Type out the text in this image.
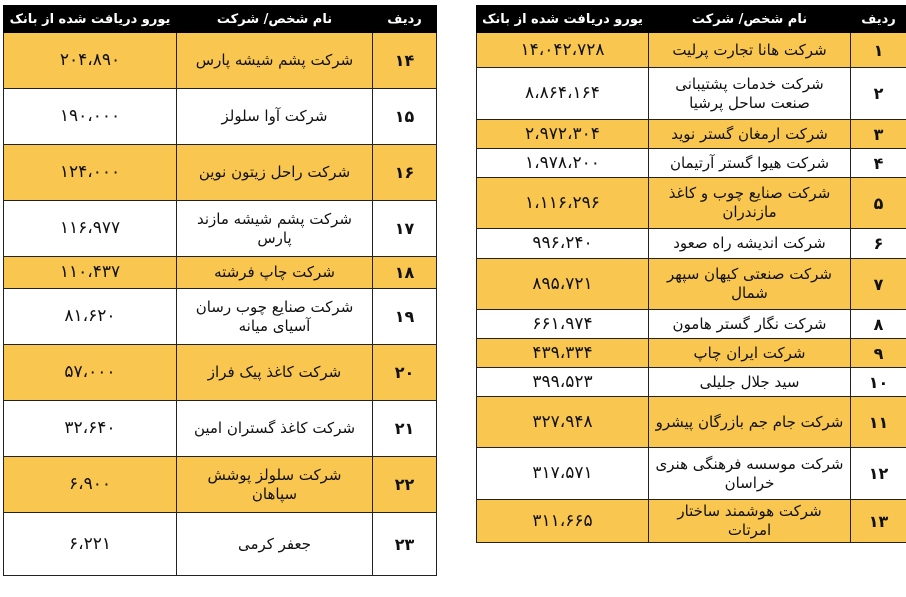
ردیف	نام شخص/ شرکت	یورو دریافت شده از بانک
۱	شرکت هانا تجارت پرلیت	۱۴،۰۴۲،۷۲۸
۲	شرکت خدمات پشتیبانی صنعت ساحل پرشیا	۸،۸۶۴،۱۶۴
۳	شرکت ارمغان گستر نوید	۲،۹۷۲،۳۰۴
۴	شرکت هیوا گستر آرتیمان	۱،۹۷۸،۲۰۰
۵	شرکت صنایع چوب و کاغذ مازندران	۱،۱۱۶،۲۹۶
۶	شرکت اندیشه راه صعود	۹۹۶،۲۴۰
۷	شرکت صنعتی کیهان سپهر شمال	۸۹۵،۷۲۱
۸	شرکت نگار گستر هامون	۶۶۱،۹۷۴
۹	شرکت ایران چاپ	۴۳۹،۳۳۴
۱۰	سید جلال جلیلی	۳۹۹،۵۲۳
۱۱	شرکت جام جم بازرگان پیشرو	۳۲۷،۹۴۸
۱۲	شرکت موسسه فرهنگی هنری خراسان	۳۱۷،۵۷۱
۱۳	شرکت هوشمند ساختار امرتات	۳۱۱،۶۶۵
ردیف	نام شخص/ شرکت	یورو دریافت شده از بانک
۱۴	شرکت پشم شیشه پارس	۲۰۴،۸۹۰
۱۵	شرکت آوا سلولز	۱۹۰،۰۰۰
۱۶	شرکت راحل زیتون نوین	۱۲۴،۰۰۰
۱۷	شرکت پشم شیشه مازند پارس	۱۱۶،۹۷۷
۱۸	شرکت چاپ فرشته	۱۱۰،۴۳۷
۱۹	شرکت صنایع چوب رسان آسیای میانه	۸۱،۶۲۰
۲۰	شرکت کاغذ پیک فراز	۵۷،۰۰۰
۲۱	شرکت کاغذ گستران امین	۳۲،۶۴۰
۲۲	شرکت سلولز پوشش سپاهان	۶،۹۰۰
۲۳	جعفر کرمی	۶،۲۲۱
